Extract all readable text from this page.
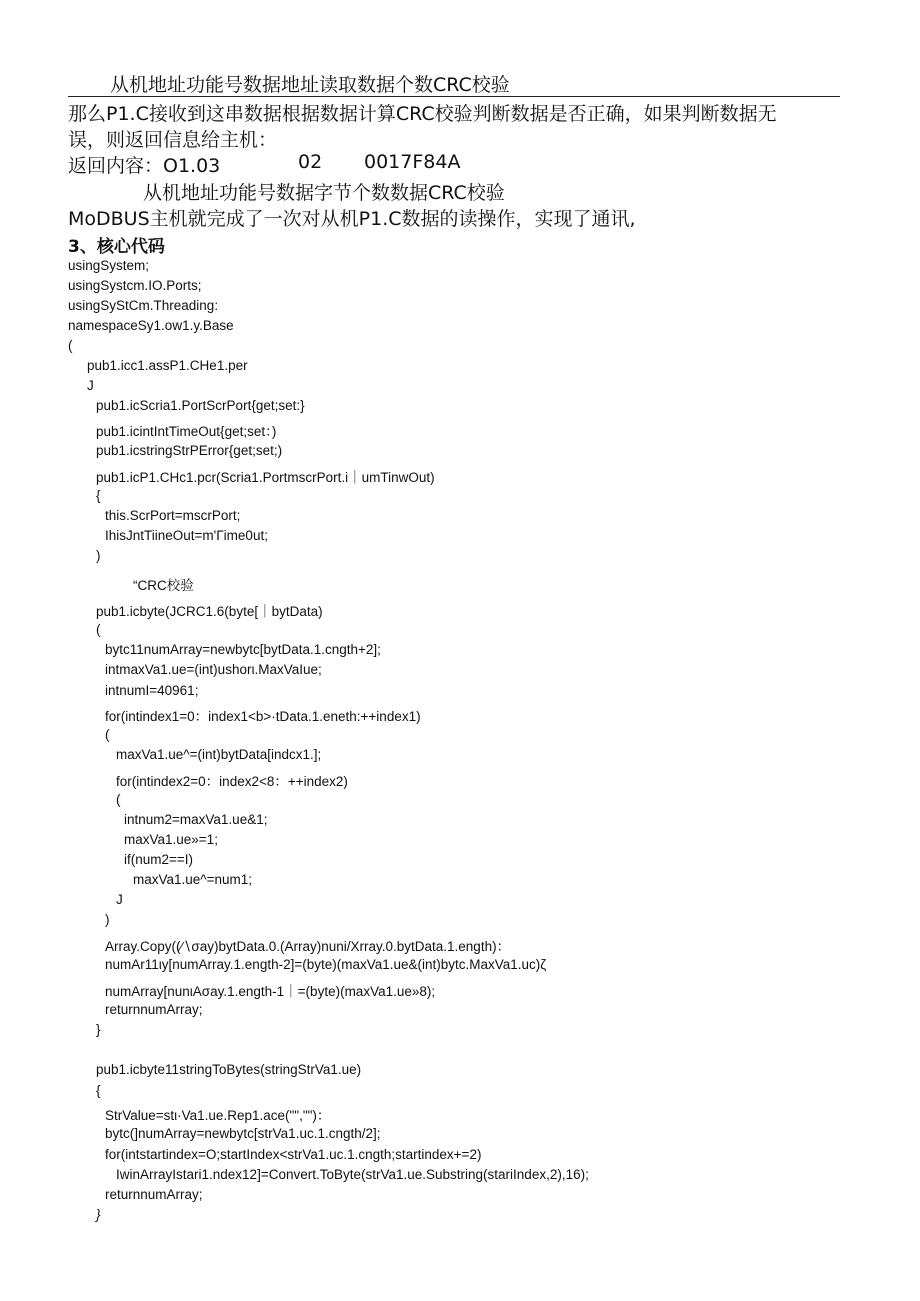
从机地址功能号数据地址读取数据个数CRC校验
那么P1.C接收到这串数据根据数据计算CRC校验判断数据是否正确，如果判断数据无
误，则返回信息给主机：
返回内容：O1.03	02 0017F84A
从机地址功能号数据字节个数数据CRC校验
MoDBUS主机就完成了一次对从机P1.C数据的读操作，实现了通讯,
3、核心代码
usingSystem;
usingSystcm.IO.Ports;
usingSyStCm.Threading:
namespaceSy1.ow1.y.Base
(
pub1.icc1.assP1.CHe1.per
J
pub1.icScria1.PortScrPort{get;set:}
pub1.icintIntTimeOut{get;set：)
pub1.icstringStrPError{get;set;)
pub1.icP1.CHc1.pcr(Scria1.PortmscrPort.i｜umTinwOut)
{
this.ScrPort=mscrPort;
IhisJntTiineOut=m'Γime0ut;
)
“CRC校验
pub1.icbyte(JCRC1.6(byte[｜bytData)
(
bytc11numArray=newbytc[bytData.1.cngth+2];
intmaxVa1.ue=(int)ushorι.MaxVaIue;
intnumI=40961;
for(intindex1=0：index1<b>·tData.1.eneth:++index1)
(
maxVa1.ue^=(int)bytData[indcx1.];
for(intindex2=0：index2<8：++index2)
(
intnum2=maxVa1.ue&1;
maxVa1.ue»=1;
if(num2==I)
maxVa1.ue^=num1;
J
)
Array.Copy((∕∖σay)bytData.0.(Array)nuni/Xrray.0.bytData.1.ength)：
numAr11ιy[numArray.1.ength-2]=(byte)(maxVa1.ue&(int)bytc.MaxVa1.uc)ζ
numArray[nunιAσay.1.ength-1｜=(byte)(maxVa1.ue»8);
returnnumArray;
}
pub1.icbyte11stringToBytes(stringStrVa1.ue)
{
StrValue=stι·Va1.ue.Rep1.ace("","")：
bytc(]numArray=newbytc[strVa1.uc.1.cngth/2];
for(intstartindex=O;startIndex<strVa1.uc.1.cngth;startindex+=2)
IwinArrayIstari1.ndex12]=Convert.ToByte(strVa1.ue.Substring(stariIndex,2),16);
returnnumArray;
}
